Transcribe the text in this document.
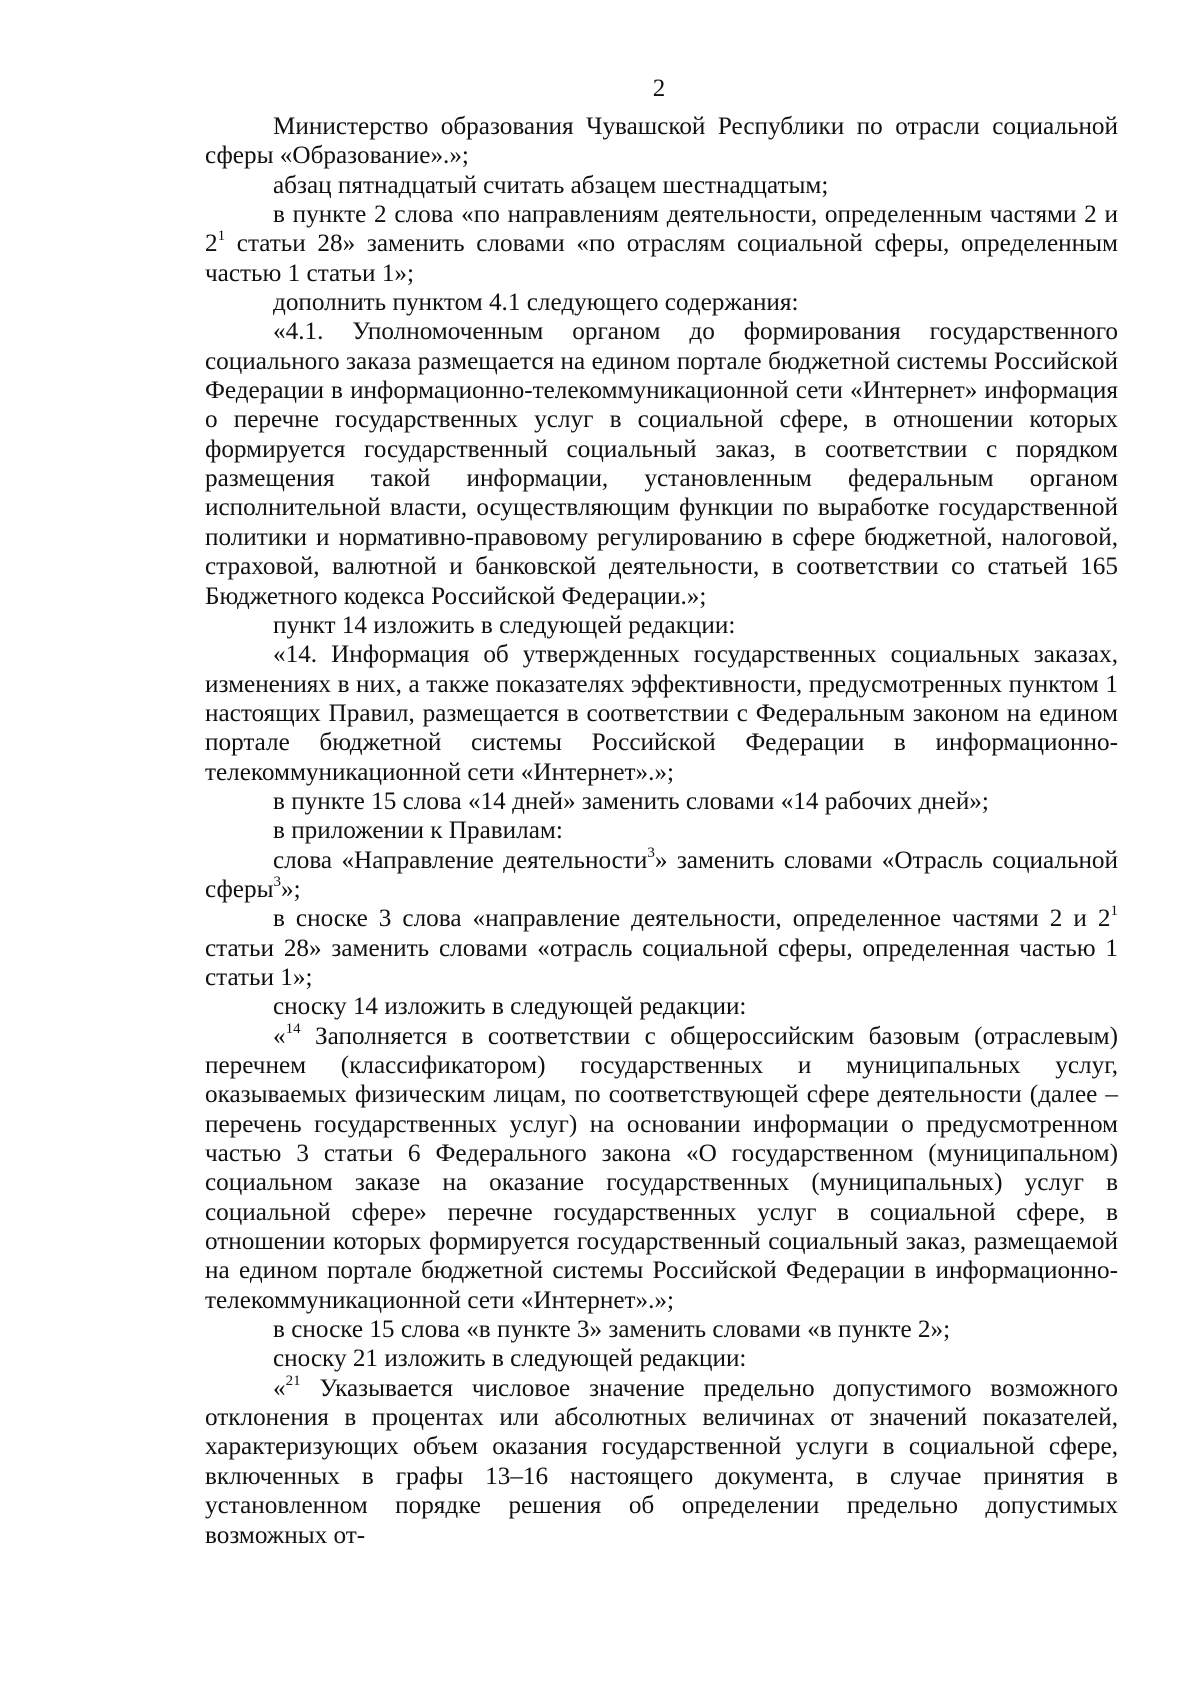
2

Министерство образования Чувашской Республики по отрасли социальной сферы «Образование».»;

абзац пятнадцатый считать абзацем шестнадцатым;

в пункте 2 слова «по направлениям деятельности, определенным частями 2 и $2^1$ статьи 28» заменить словами «по отраслям социальной сферы, определенным частью 1 статьи 1»;

дополнить пунктом 4.1 следующего содержания:

«4.1. Уполномоченным органом до формирования государственного социального заказа размещается на едином портале бюджетной системы Российской Федерации в информационно-телекоммуникационной сети «Интернет» информация о перечне государственных услуг в социальной сфере, в отношении которых формируется государственный социальный заказ, в соответствии с порядком размещения такой информации, установленным федеральным органом исполнительной власти, осуществляющим функции по выработке государственной политики и нормативно-правовому регулированию в сфере бюджетной, налоговой, страховой, валютной и банковской деятельности, в соответствии со статьей 165 Бюджетного кодекса Российской Федерации.»;

пункт 14 изложить в следующей редакции:

«14. Информация об утвержденных государственных социальных заказах, изменениях в них, а также показателях эффективности, предусмотренных пунктом 1 настоящих Правил, размещается в соответствии с Федеральным законом на едином портале бюджетной системы Российской Федерации в информационно-телекоммуникационной сети «Интернет».»;

в пункте 15 слова «14 дней» заменить словами «14 рабочих дней»;

в приложении к Правилам:

слова «Направление деятельности$^3$» заменить словами «Отрасль социальной сферы$^3$»;

в сноске 3 слова «направление деятельности, определенное частями 2 и $2^1$ статьи 28» заменить словами «отрасль социальной сферы, определенная частью 1 статьи 1»;

сноску 14 изложить в следующей редакции:

«$^{14}$ Заполняется в соответствии с общероссийским базовым (отраслевым) перечнем (классификатором) государственных и муниципальных услуг, оказываемых физическим лицам, по соответствующей сфере деятельности (далее – перечень государственных услуг) на основании информации о предусмотренном частью 3 статьи 6 Федерального закона «О государственном (муниципальном) социальном заказе на оказание государственных (муниципальных) услуг в социальной сфере» перечне государственных услуг в социальной сфере, в отношении которых формируется государственный социальный заказ, размещаемой на едином портале бюджетной системы Российской Федерации в информационно-телекоммуникационной сети «Интернет».»;

в сноске 15 слова «в пункте 3» заменить словами «в пункте 2»;

сноску 21 изложить в следующей редакции:

«$^{21}$ Указывается числовое значение предельно допустимого возможного отклонения в процентах или абсолютных величинах от значений показателей, характеризующих объем оказания государственной услуги в социальной сфере, включенных в графы 13–16 настоящего документа, в случае принятия в установленном порядке решения об определении предельно допустимых возможных от-
